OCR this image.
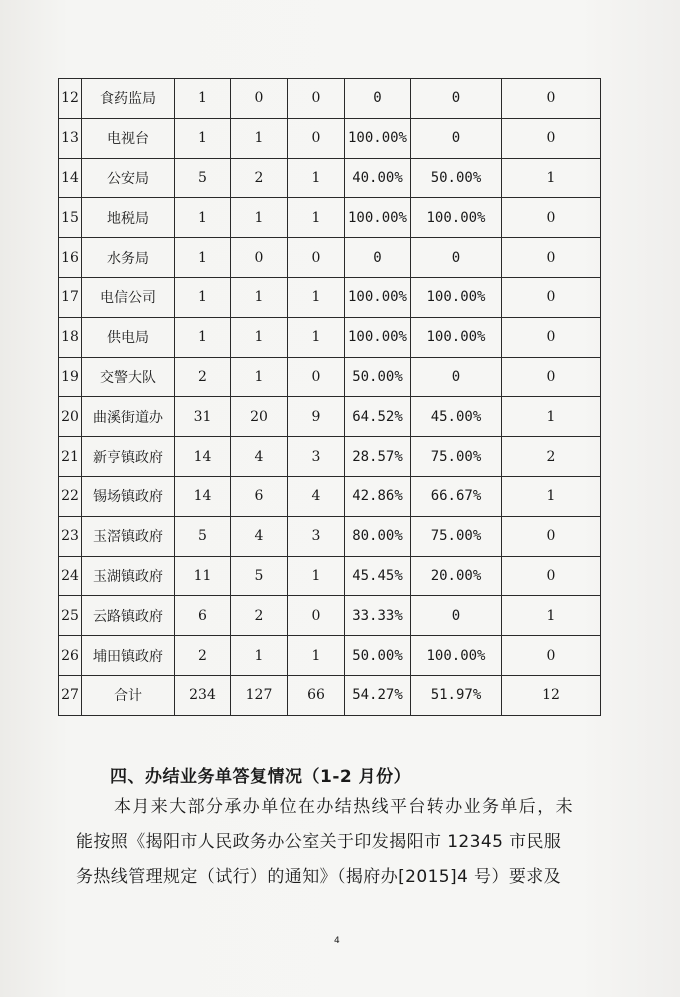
12	食药监局	1	0	0	0	0	0
13	电视台	1	1	0	100.00%	0	0
14	公安局	5	2	1	40.00%	50.00%	1
15	地税局	1	1	1	100.00%	100.00%	0
16	水务局	1	0	0	0	0	0
17	电信公司	1	1	1	100.00%	100.00%	0
18	供电局	1	1	1	100.00%	100.00%	0
19	交警大队	2	1	0	50.00%	0	0
20	曲溪街道办	31	20	9	64.52%	45.00%	1
21	新亨镇政府	14	4	3	28.57%	75.00%	2
22	锡场镇政府	14	6	4	42.86%	66.67%	1
23	玉滘镇政府	5	4	3	80.00%	75.00%	0
24	玉湖镇政府	11	5	1	45.45%	20.00%	0
25	云路镇政府	6	2	0	33.33%	0	1
26	埔田镇政府	2	1	1	50.00%	100.00%	0
27	合计	234	127	66	54.27%	51.97%	12
四、办结业务单答复情况（1-2 月份）
本月来大部分承办单位在办结热线平台转办业务单后，未
能按照《揭阳市人民政务办公室关于印发揭阳市 12345 市民服
务热线管理规定（试行）的通知》（揭府办[2015]4 号）要求及
4
